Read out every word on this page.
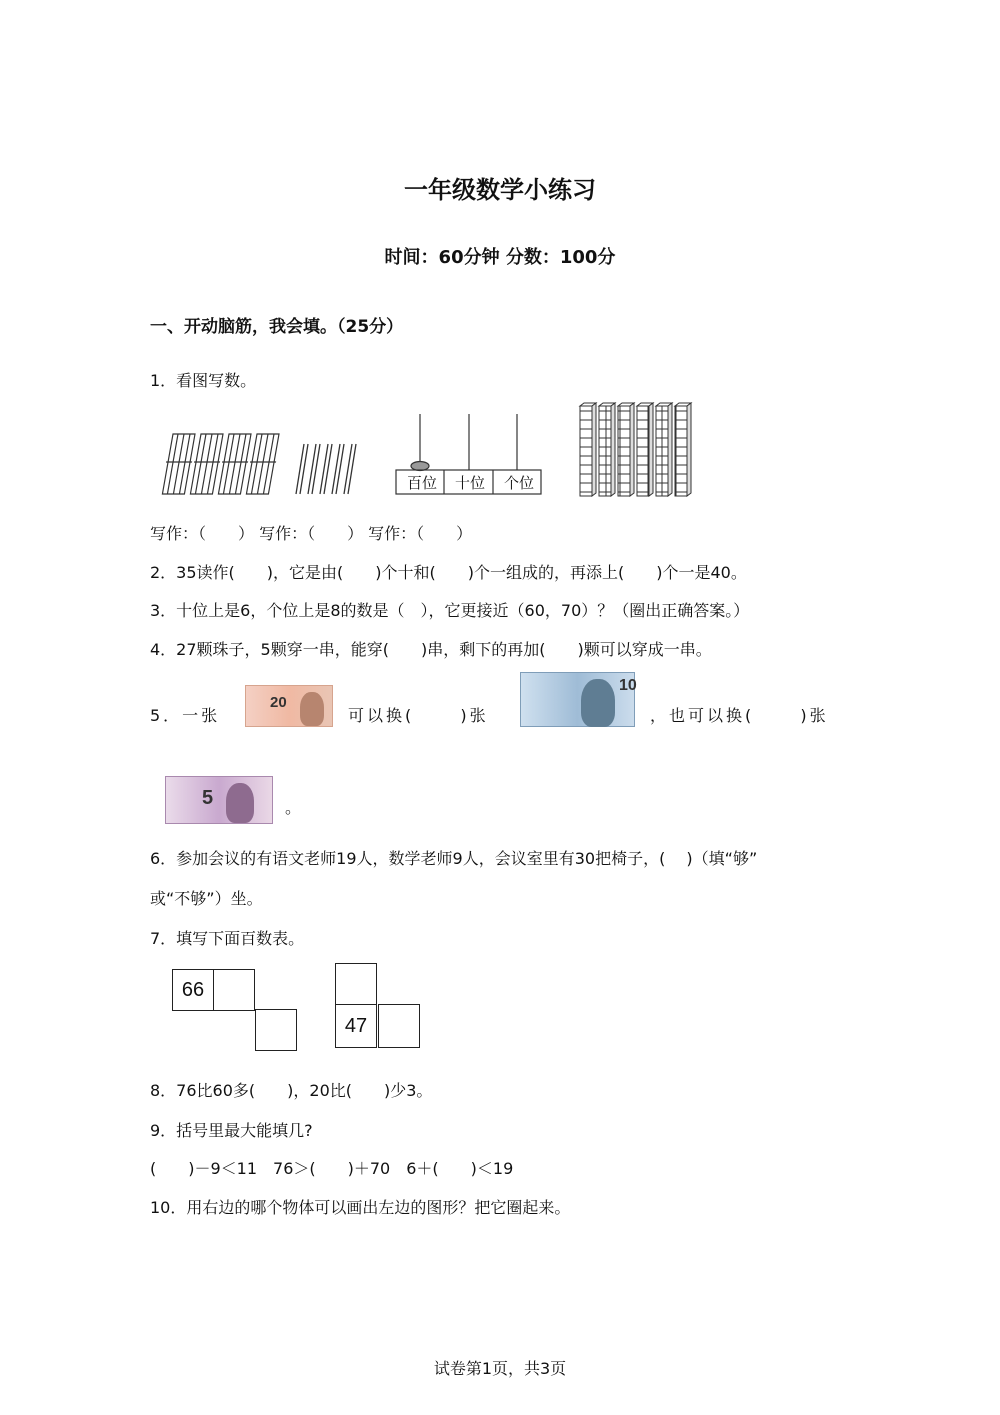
一年级数学小练习
时间：60分钟 分数：100分
一、开动脑筋，我会填。（25分）
1．看图写数。
百位	十位	个位
写作：（　　） 写作：（　　） 写作：（　　）
2．35读作(　　)，它是由(　　)个十和(　　)个一组成的，再添上(　　)个一是40。
3．十位上是6，个位上是8的数是（　），它更接近（60，70）？（圈出正确答案。）
4．27颗珠子，5颗穿一串，能穿(　　)串，剩下的再加(　　)颗可以穿成一串。
5．一张
20
可以换(　　 )张
10
，也可以换(　　 )张
5	。
6．参加会议的有语文老师19人，数学老师9人，会议室里有30把椅子，(　 )（填“够”
或“不够”）坐。
7．填写下面百数表。
66
47
8．76比60多(　　)，20比(　　)少3。
9．括号里最大能填几?
(　　)－9＜11　76＞(　　)＋70　6＋(　　)＜19
10．用右边的哪个物体可以画出左边的图形？把它圈起来。
试卷第1页，共3页
